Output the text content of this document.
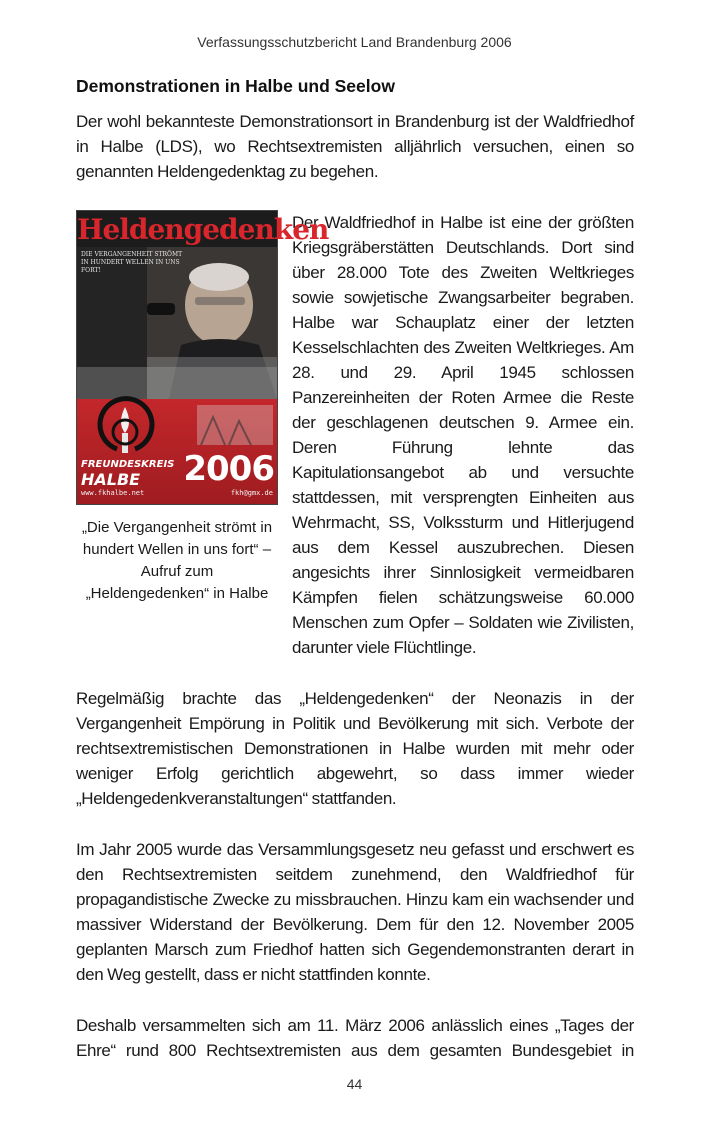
Verfassungsschutzbericht Land Brandenburg 2006
Demonstrationen in Halbe und Seelow

Der wohl bekannteste Demonstrationsort in Brandenburg ist der Waldfriedhof in Halbe (LDS), wo Rechtsextremisten alljährlich versuchen, einen so genannten Heldengedenktag zu begehen.

Heldengedenken
DIE VERGANGENHEIT STRÖMT IN HUNDERT WELLEN IN UNS FORT!
FREUNDESKREIS
HALBE	2006
www.fkhalbe.net	fkh@gmx.de
„Die Vergangenheit strömt in hundert Wellen in uns fort“ – Aufruf zum „Heldengedenken“ in Halbe

Der Waldfriedhof in Halbe ist eine der größten Kriegsgräberstätten Deutschlands. Dort sind über 28.000 Tote des Zweiten Weltkrieges sowie sowjetische Zwangsarbeiter begraben. Halbe war Schauplatz einer der letzten Kesselschlachten des Zweiten Weltkrieges. Am 28. und 29. April 1945 schlossen Panzereinheiten der Roten Armee die Reste der geschlagenen deutschen 9. Armee ein. Deren Führung lehnte das Kapitulationsangebot ab und versuchte stattdessen, mit versprengten Einheiten aus Wehrmacht, SS, Volkssturm und Hitlerjugend aus dem Kessel auszubrechen. Diesen angesichts ihrer Sinnlosigkeit vermeidbaren Kämpfen fielen schätzungsweise 60.000 Menschen zum Opfer – Soldaten wie Zivilisten, darunter viele Flüchtlinge.

Regelmäßig brachte das „Heldengedenken“ der Neonazis in der Vergangenheit Empörung in Politik und Bevölkerung mit sich. Verbote der rechtsextremistischen Demonstrationen in Halbe wurden mit mehr oder weniger Erfolg gerichtlich abgewehrt, so dass immer wieder „Heldengedenkveranstaltungen“ stattfanden.

Im Jahr 2005 wurde das Versammlungsgesetz neu gefasst und erschwert es den Rechtsextremisten seitdem zunehmend, den Waldfriedhof für propagandistische Zwecke zu missbrauchen. Hinzu kam ein wachsender und massiver Widerstand der Bevölkerung. Dem für den 12. November 2005 geplanten Marsch zum Friedhof hatten sich Gegendemonstranten derart in den Weg gestellt, dass er nicht stattfinden konnte.

Deshalb versammelten sich am 11. März 2006 anlässlich eines „Tages der Ehre“ rund 800 Rechtsextremisten aus dem gesamten Bundesgebiet in

44
